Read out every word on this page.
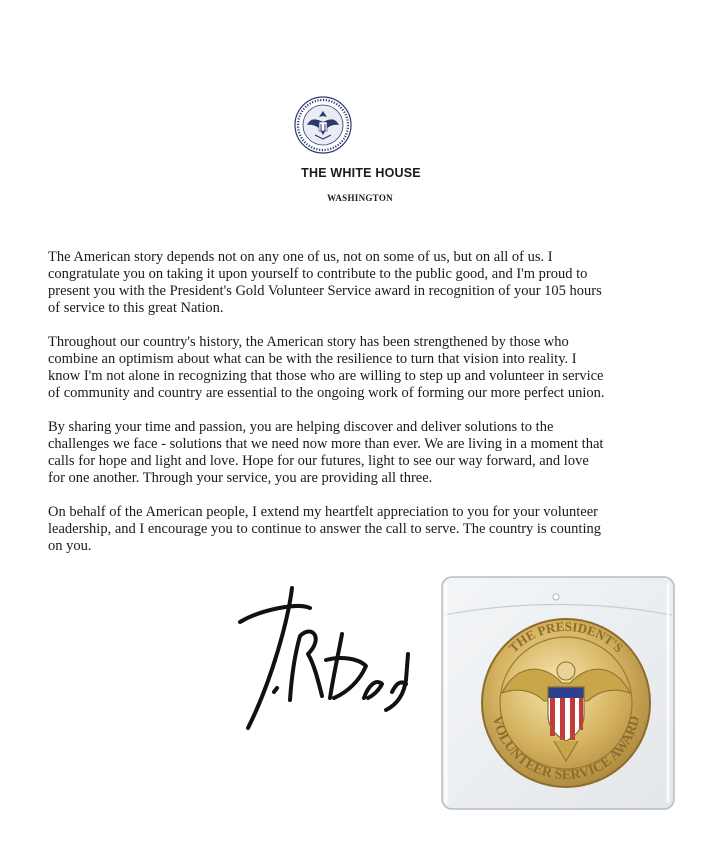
THE WHITE HOUSE
WASHINGTON

The American story depends not on any one of us, not on some of us, but on all of us. I congratulate you on taking it upon yourself to contribute to the public good, and I'm proud to present you with the President's Gold Volunteer Service award in recognition of your 105 hours of service to this great Nation.

Throughout our country's history, the American story has been strengthened by those who combine an optimism about what can be with the resilience to turn that vision into reality. I know I'm not alone in recognizing that those who are willing to step up and volunteer in service of community and country are essential to the ongoing work of forming our more perfect union.

By sharing your time and passion, you are helping discover and deliver solutions to the challenges we face - solutions that we need now more than ever. We are living in a moment that calls for hope and light and love. Hope for our futures, light to see our way forward, and love for one another. Through your service, you are providing all three.

On behalf of the American people, I extend my heartfelt appreciation to you for your volunteer leadership, and I encourage you to continue to answer the call to serve. The country is counting on you.

THE PRESIDENT'S
VOLUNTEER SERVICE AWARD
